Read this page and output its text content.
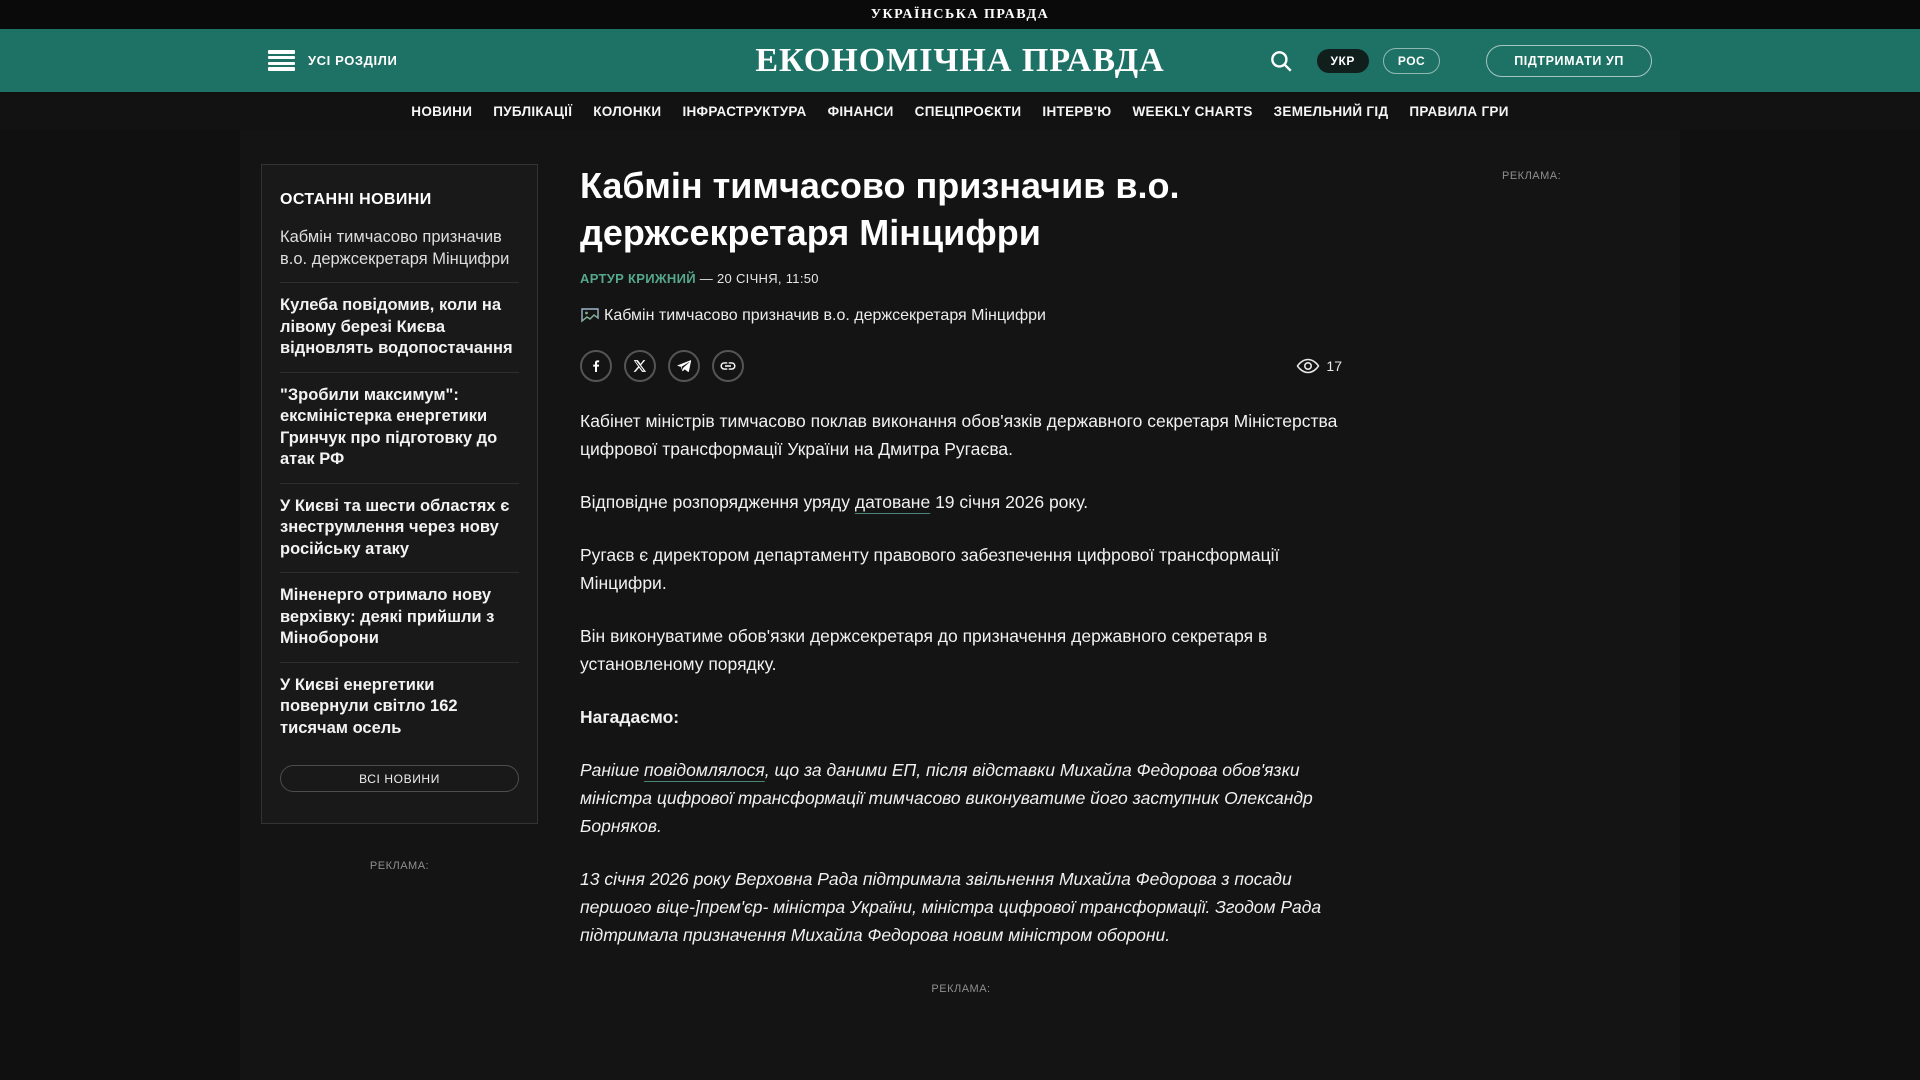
УКРАЇНСЬКА ПРАВДА
УСІ РОЗДІЛИ	ЕКОНОМІЧНА ПРАВДА	УКР	РОС	ПІДТРИМАТИ УП
НОВИНИ ПУБЛІКАЦІЇ КОЛОНКИ ІНФРАСТРУКТУРА ФІНАНСИ СПЕЦПРОЄКТИ ІНТЕРВ'Ю WEEKLY CHARTS ЗЕМЕЛЬНИЙ ГІД ПРАВИЛА ГРИ
ОСТАННІ НОВИНИ
Кабмін тимчасово призначив в.о. держсекретаря Мінцифри
Кулеба повідомив, коли на лівому березі Києва відновлять водопостачання
"Зробили максимум": ексміністерка енергетики Гринчук про підготовку до атак РФ
У Києві та шести областях є знеструмлення через нову російську атаку
Міненерго отримало нову верхівку: деякі прийшли з Міноборони
У Києві енергетики повернули світло 162 тисячам осель
ВСІ НОВИНИ
РЕКЛАМА:
РЕКЛАМА:
Кабмін тимчасово призначив в.о. держсекретаря Мінцифри
АРТУР КРИЖНИЙ — 20 СІЧНЯ, 11:50
Кабмін тимчасово призначив в.о. держсекретаря Мінцифри
17

Кабінет міністрів тимчасово поклав виконання обов'язків державного секретаря Міністерства цифрової трансформації України на Дмитра Ругаєва.

Відповідне розпорядження уряду датоване 19 січня 2026 року.

Ругаєв є директором департаменту правового забезпечення цифрової трансформації Мінцифри.

Він виконуватиме обов'язки держсекретаря до призначення державного секретаря в установленому порядку.

Нагадаємо:

Раніше повідомлялося, що за даними ЕП, після відставки Михайла Федорова обов'язки міністра цифрової трансформації тимчасово виконуватиме його заступник Олександр Борняков.

13 січня 2026 року Верховна Рада підтримала звільнення Михайла Федорова з посади першого віце-]прем'єр- міністра України, міністра цифрової трансформації. Згодом Рада підтримала призначення Михайла Федорова новим міністром оборони.

РЕКЛАМА:
